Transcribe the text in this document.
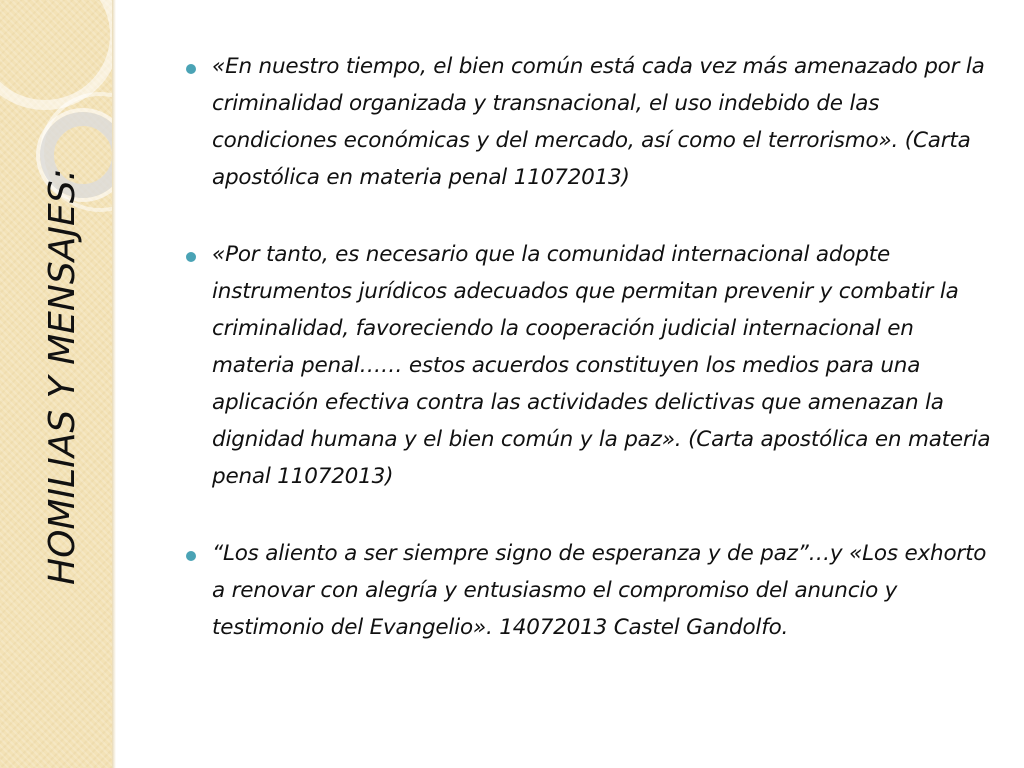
HOMILIAS Y MENSAJES:
«En nuestro tiempo, el bien común está cada vez más amenazado por la criminalidad organizada y transnacional, el uso indebido de las condiciones económicas y del mercado, así como el terrorismo». (Carta apostólica en materia penal 11072013)
«Por tanto, es necesario que la comunidad internacional adopte instrumentos jurídicos adecuados que permitan prevenir y combatir la criminalidad, favoreciendo la cooperación judicial internacional en materia penal…… estos acuerdos constituyen los medios para una aplicación efectiva contra las actividades delictivas que amenazan la dignidad humana y el bien común y la paz». (Carta apostólica en materia penal 11072013)
“Los aliento a ser siempre signo de esperanza y de paz”…y «Los exhorto a renovar con alegría y entusiasmo el compromiso del anuncio y testimonio del Evangelio». 14072013 Castel Gandolfo.
